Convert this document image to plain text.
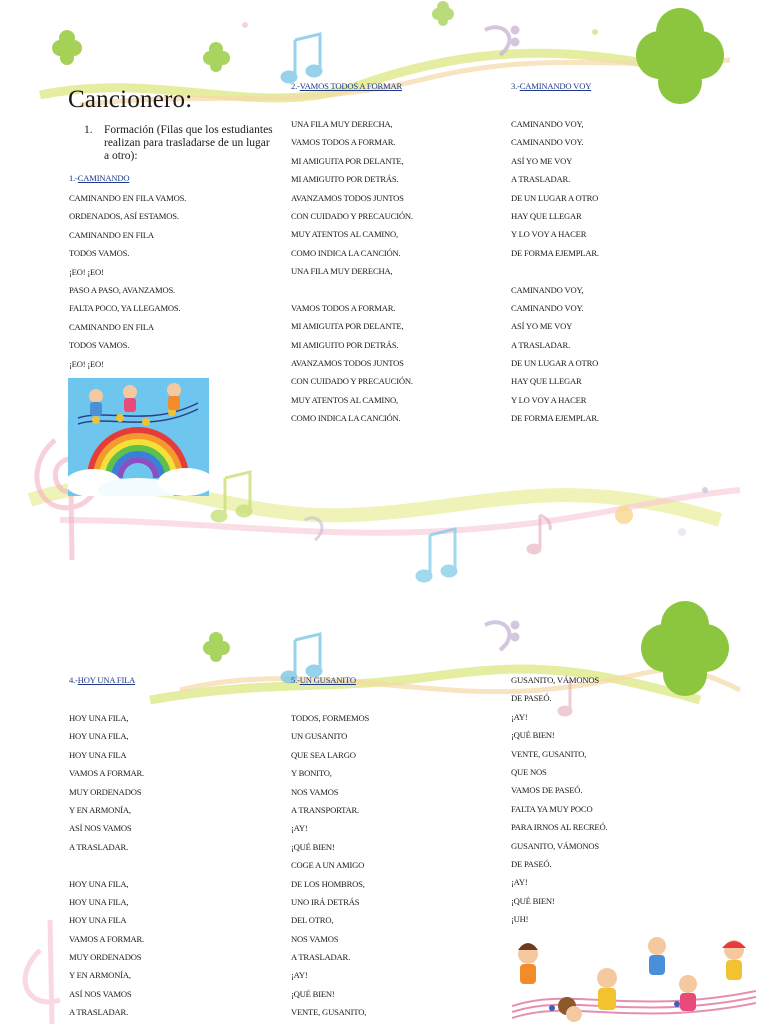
Cancionero:
1. Formación (Filas que los estudiantes realizan para trasladarse de un lugar a otro):
1.-CAMINANDO
2.-VAMOS TODOS A FORMAR	3.-CAMINANDO VOY
4.-HOY UNA FILA	5.-UN GUSANITO
CAMINANDO EN FILA VAMOS.
ORDENADOS, ASÍ ESTAMOS.
CAMINANDO EN FILA
TODOS VAMOS.
¡EO! ¡EO!
PASO A PASO, AVANZAMOS.
FALTA POCO, YA LLEGAMOS.
CAMINANDO EN FILA
TODOS VAMOS.
¡EO! ¡EO!
UNA FILA MUY DERECHA,
VAMOS TODOS A FORMAR.
MI AMIGUITA POR DELANTE,
MI AMIGUITO POR DETRÁS.
AVANZAMOS TODOS JUNTOS
CON CUIDADO Y PRECAUCIÓN.
MUY ATENTOS AL CAMINO,
COMO INDICA LA CANCIÓN.
UNA FILA MUY DERECHA,
VAMOS TODOS A FORMAR.
MI AMIGUITA POR DELANTE,
MI AMIGUITO POR DETRÁS.
AVANZAMOS TODOS JUNTOS
CON CUIDADO Y PRECAUCIÓN.
MUY ATENTOS AL CAMINO,
COMO INDICA LA CANCIÓN.
CAMINANDO VOY,
CAMINANDO VOY.
ASÍ YO ME VOY
A TRASLADAR.
DE UN LUGAR A OTRO
HAY QUE LLEGAR
Y LO VOY A HACER
DE FORMA EJEMPLAR.
CAMINANDO VOY,
CAMINANDO VOY.
ASÍ YO ME VOY
A TRASLADAR.
DE UN LUGAR A OTRO
HAY QUE LLEGAR
Y LO VOY A HACER
DE FORMA EJEMPLAR.
HOY UNA FILA,
HOY UNA FILA,
HOY UNA FILA
VAMOS A FORMAR.
MUY ORDENADOS
Y EN ARMONÍA,
ASÍ NOS VAMOS
A TRASLADAR.
HOY UNA FILA,
HOY UNA FILA,
HOY UNA FILA
VAMOS A FORMAR.
MUY ORDENADOS
Y EN ARMONÍA,
ASÍ NOS VAMOS
A TRASLADAR.
TODOS, FORMEMOS
UN GUSANITO
QUE SEA LARGO
Y BONITO,
NOS VAMOS
A TRANSPORTAR.
¡AY!
¡QUÉ BIEN!
COGE A UN AMIGO
DE LOS HOMBROS,
UNO IRÁ DETRÁS
DEL OTRO,
NOS VAMOS
A TRASLADAR.
¡AY!
¡QUÉ BIEN!
VENTE, GUSANITO,
GUSANITO, VÁMONOS
DE PASEÓ.
¡AY!
¡QUÉ BIEN!
VENTE, GUSANITO,
QUE NOS
VAMOS DE PASEÓ.
FALTA YA MUY POCO
PARA IRNOS AL RECREÓ.
GUSANITO, VÁMONOS
DE PASEÓ.
¡AY!
¡QUÉ BIEN!
¡UH!
